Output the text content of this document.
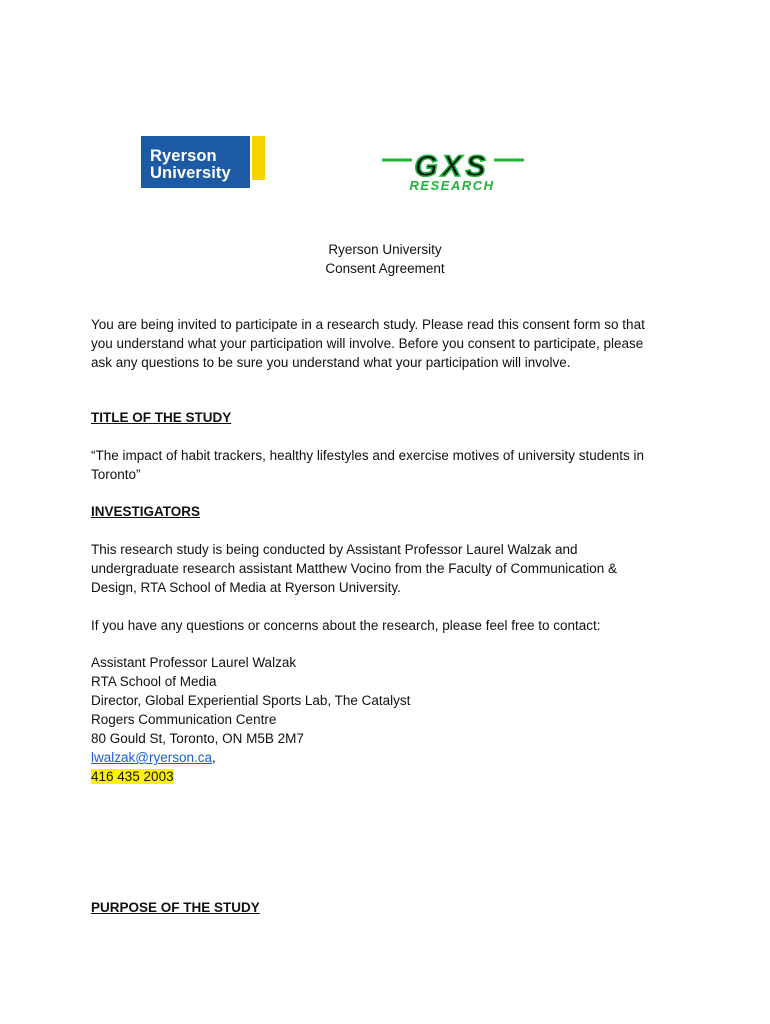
Ryerson
University	GXS
RESEARCH
Ryerson University
Consent Agreement
You are being invited to participate in a research study. Please read this consent form so that
you understand what your participation will involve. Before you consent to participate, please
ask any questions to be sure you understand what your participation will involve.
TITLE OF THE STUDY
“The impact of habit trackers, healthy lifestyles and exercise motives of university students in
Toronto”
INVESTIGATORS
This research study is being conducted by Assistant Professor Laurel Walzak and
undergraduate research assistant Matthew Vocino from the Faculty of Communication &
Design, RTA School of Media at Ryerson University.
If you have any questions or concerns about the research, please feel free to contact:
Assistant Professor Laurel Walzak
RTA School of Media
Director, Global Experiential Sports Lab, The Catalyst
Rogers Communication Centre
80 Gould St, Toronto, ON M5B 2M7
lwalzak@ryerson.ca,
416 435 2003
PURPOSE OF THE STUDY
